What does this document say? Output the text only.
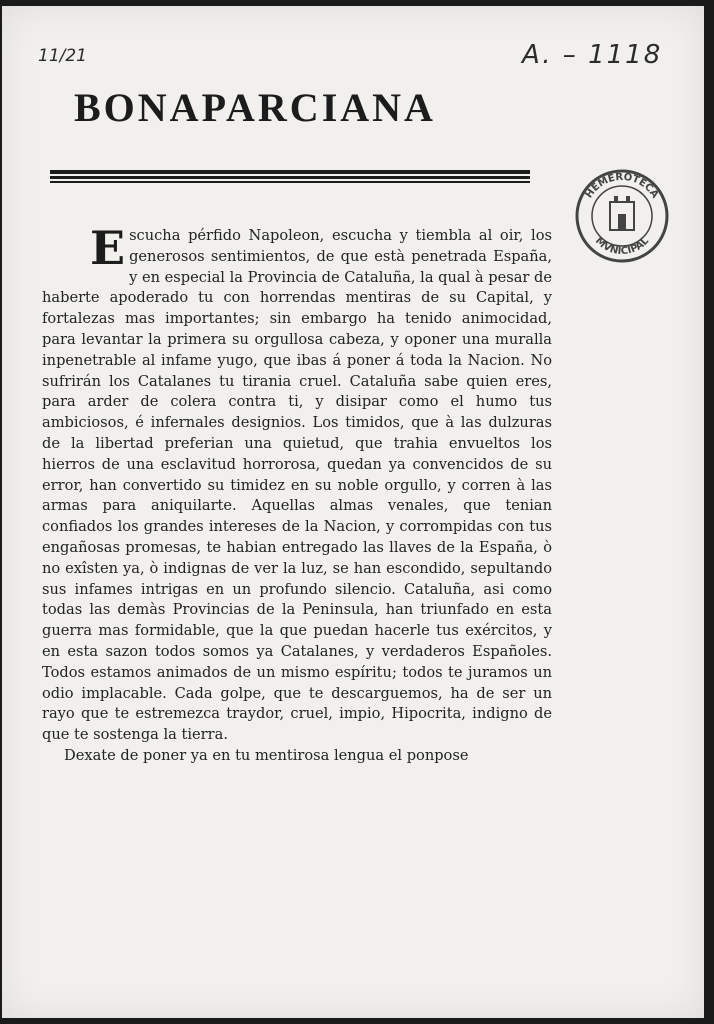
11/21	A. – 1118
BONAPARCIANA
HEMEROTECA
MVNICIPAL

Escucha pérfido Napoleon, escucha y tiembla al oir, los generosos sentimientos, de que està penetrada España, y en especial la Provincia de Cataluña, la qual à pesar de haberte apoderado tu con horrendas mentiras de su Capital, y fortalezas mas importantes; sin embargo ha tenido animocidad, para levantar la primera su orgullosa cabeza, y oponer una muralla inpenetrable al infame yugo, que ibas á poner á toda la Nacion. No sufrirán los Catalanes tu tirania cruel. Cataluña sabe quien eres, para arder de colera contra ti, y disipar como el humo tus ambiciosos, é infernales designios. Los timidos, que à las dulzuras de la libertad preferian una quietud, que trahia envueltos los hierros de una esclavitud horrorosa, quedan ya convencidos de su error, han convertido su timidez en su noble orgullo, y corren à las armas para aniquilarte. Aquellas almas venales, que tenian confiados los grandes intereses de la Nacion, y corrompidas con tus engañosas promesas, te habian entregado las llaves de la España, ò no exîsten ya, ò indignas de ver la luz, se han escondido, sepultando sus infames intrigas en un profundo silencio. Cataluña, asi como todas las demàs Provincias de la Peninsula, han triunfado en esta guerra mas formidable, que la que puedan hacerle tus exércitos, y en esta sazon todos somos ya Catalanes, y verdaderos Españoles. Todos estamos animados de un mismo espíritu; todos te juramos un odio implacable. Cada golpe, que te descarguemos, ha de ser un rayo que te estremezca traydor, cruel, impio, Hipocrita, indigno de que te sostenga la tierra.

Dexate de poner ya en tu mentirosa lengua el ponpose
